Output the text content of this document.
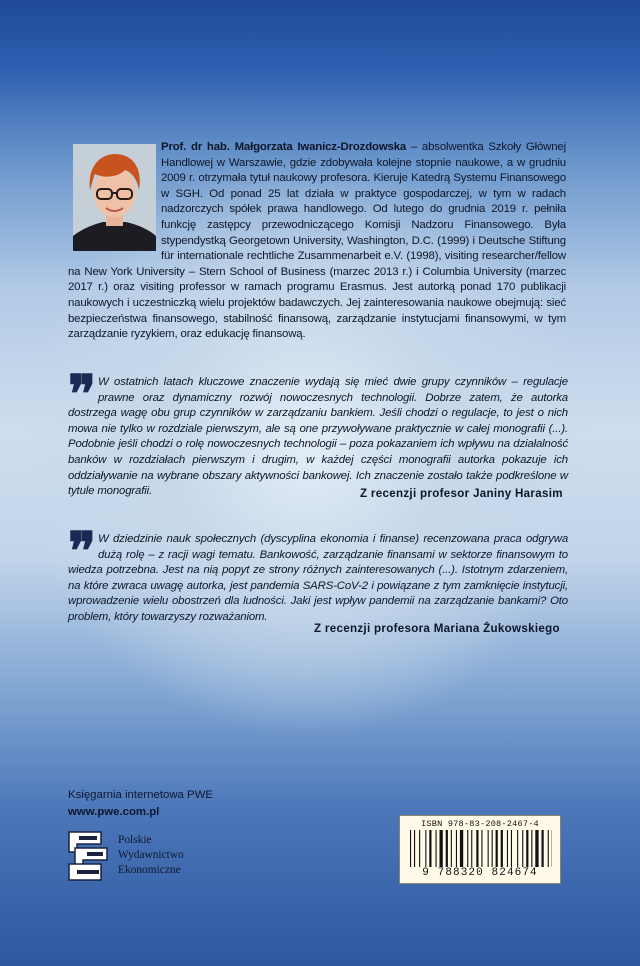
Prof. dr hab. Małgorzata Iwanicz-Drozdowska – absolwentka Szkoły Głównej Handlowej w Warszawie, gdzie zdobywała kolejne stopnie naukowe, a w grudniu 2009 r. otrzymała tytuł naukowy profesora. Kieruje Katedrą Systemu Finansowego w SGH. Od ponad 25 lat działa w praktyce gospodarczej, w tym w radach nadzorczych spółek prawa handlowego. Od lutego do grudnia 2019 r. pełniła funkcję zastępcy przewodniczącego Komisji Nadzoru Finansowego. Była stypendystką Georgetown University, Washington, D.C. (1999) i Deutsche Stiftung für internationale rechtliche Zusammenarbeit e.V. (1998), visiting researcher/fellow na New York University – Stern School of Business (marzec 2013 r.) i Columbia University (marzec 2017 r.) oraz visiting professor w ramach programu Erasmus. Jest autorką ponad 170 publikacji naukowych i uczestniczką wielu projektów badawczych. Jej zainteresowania naukowe obejmują: sieć bezpieczeństwa finansowego, stabilność finansową, zarządzanie instytucjami finansowymi, w tym zarządzanie ryzykiem, oraz edukację finansową.
❞ W ostatnich latach kluczowe znaczenie wydają się mieć dwie grupy czynników – regulacje prawne oraz dynamiczny rozwój nowoczesnych technologii. Dobrze zatem, że autorka dostrzega wagę obu grup czynników w zarządzaniu bankiem. Jeśli chodzi o regulacje, to jest o nich mowa nie tylko w rozdziale pierwszym, ale są one przywoływane praktycznie w całej monografii (...). Podobnie jeśli chodzi o rolę nowoczesnych technologii – poza pokazaniem ich wpływu na działalność banków w rozdziałach pierwszym i drugim, w każdej części monografii autorka pokazuje ich oddziaływanie na wybrane obszary aktywności bankowej. Ich znaczenie zostało także podkreślone w tytule monografii.	Z recenzji profesor Janiny Harasim
❞ W dziedzinie nauk społecznych (dyscyplina ekonomia i finanse) recenzowana praca odgrywa dużą rolę – z racji wagi tematu. Bankowość, zarządzanie finansami w sektorze finansowym to wiedza potrzebna. Jest na nią popyt ze strony różnych zainteresowanych (...). Istotnym zdarzeniem, na które zwraca uwagę autorka, jest pandemia SARS-CoV-2 i powiązane z tym zamknięcie instytucji, wprowadzenie wielu obostrzeń dla ludności. Jaki jest wpływ pandemii na zarządzanie bankami? Oto problem, który towarzyszy rozważaniom.
Z recenzji profesora Mariana Żukowskiego
Księgarnia internetowa PWE
www.pwe.com.pl
Polskie
Wydawnictwo
Ekonomiczne
ISBN 978-83-208-2467-4
9 788320 824674
